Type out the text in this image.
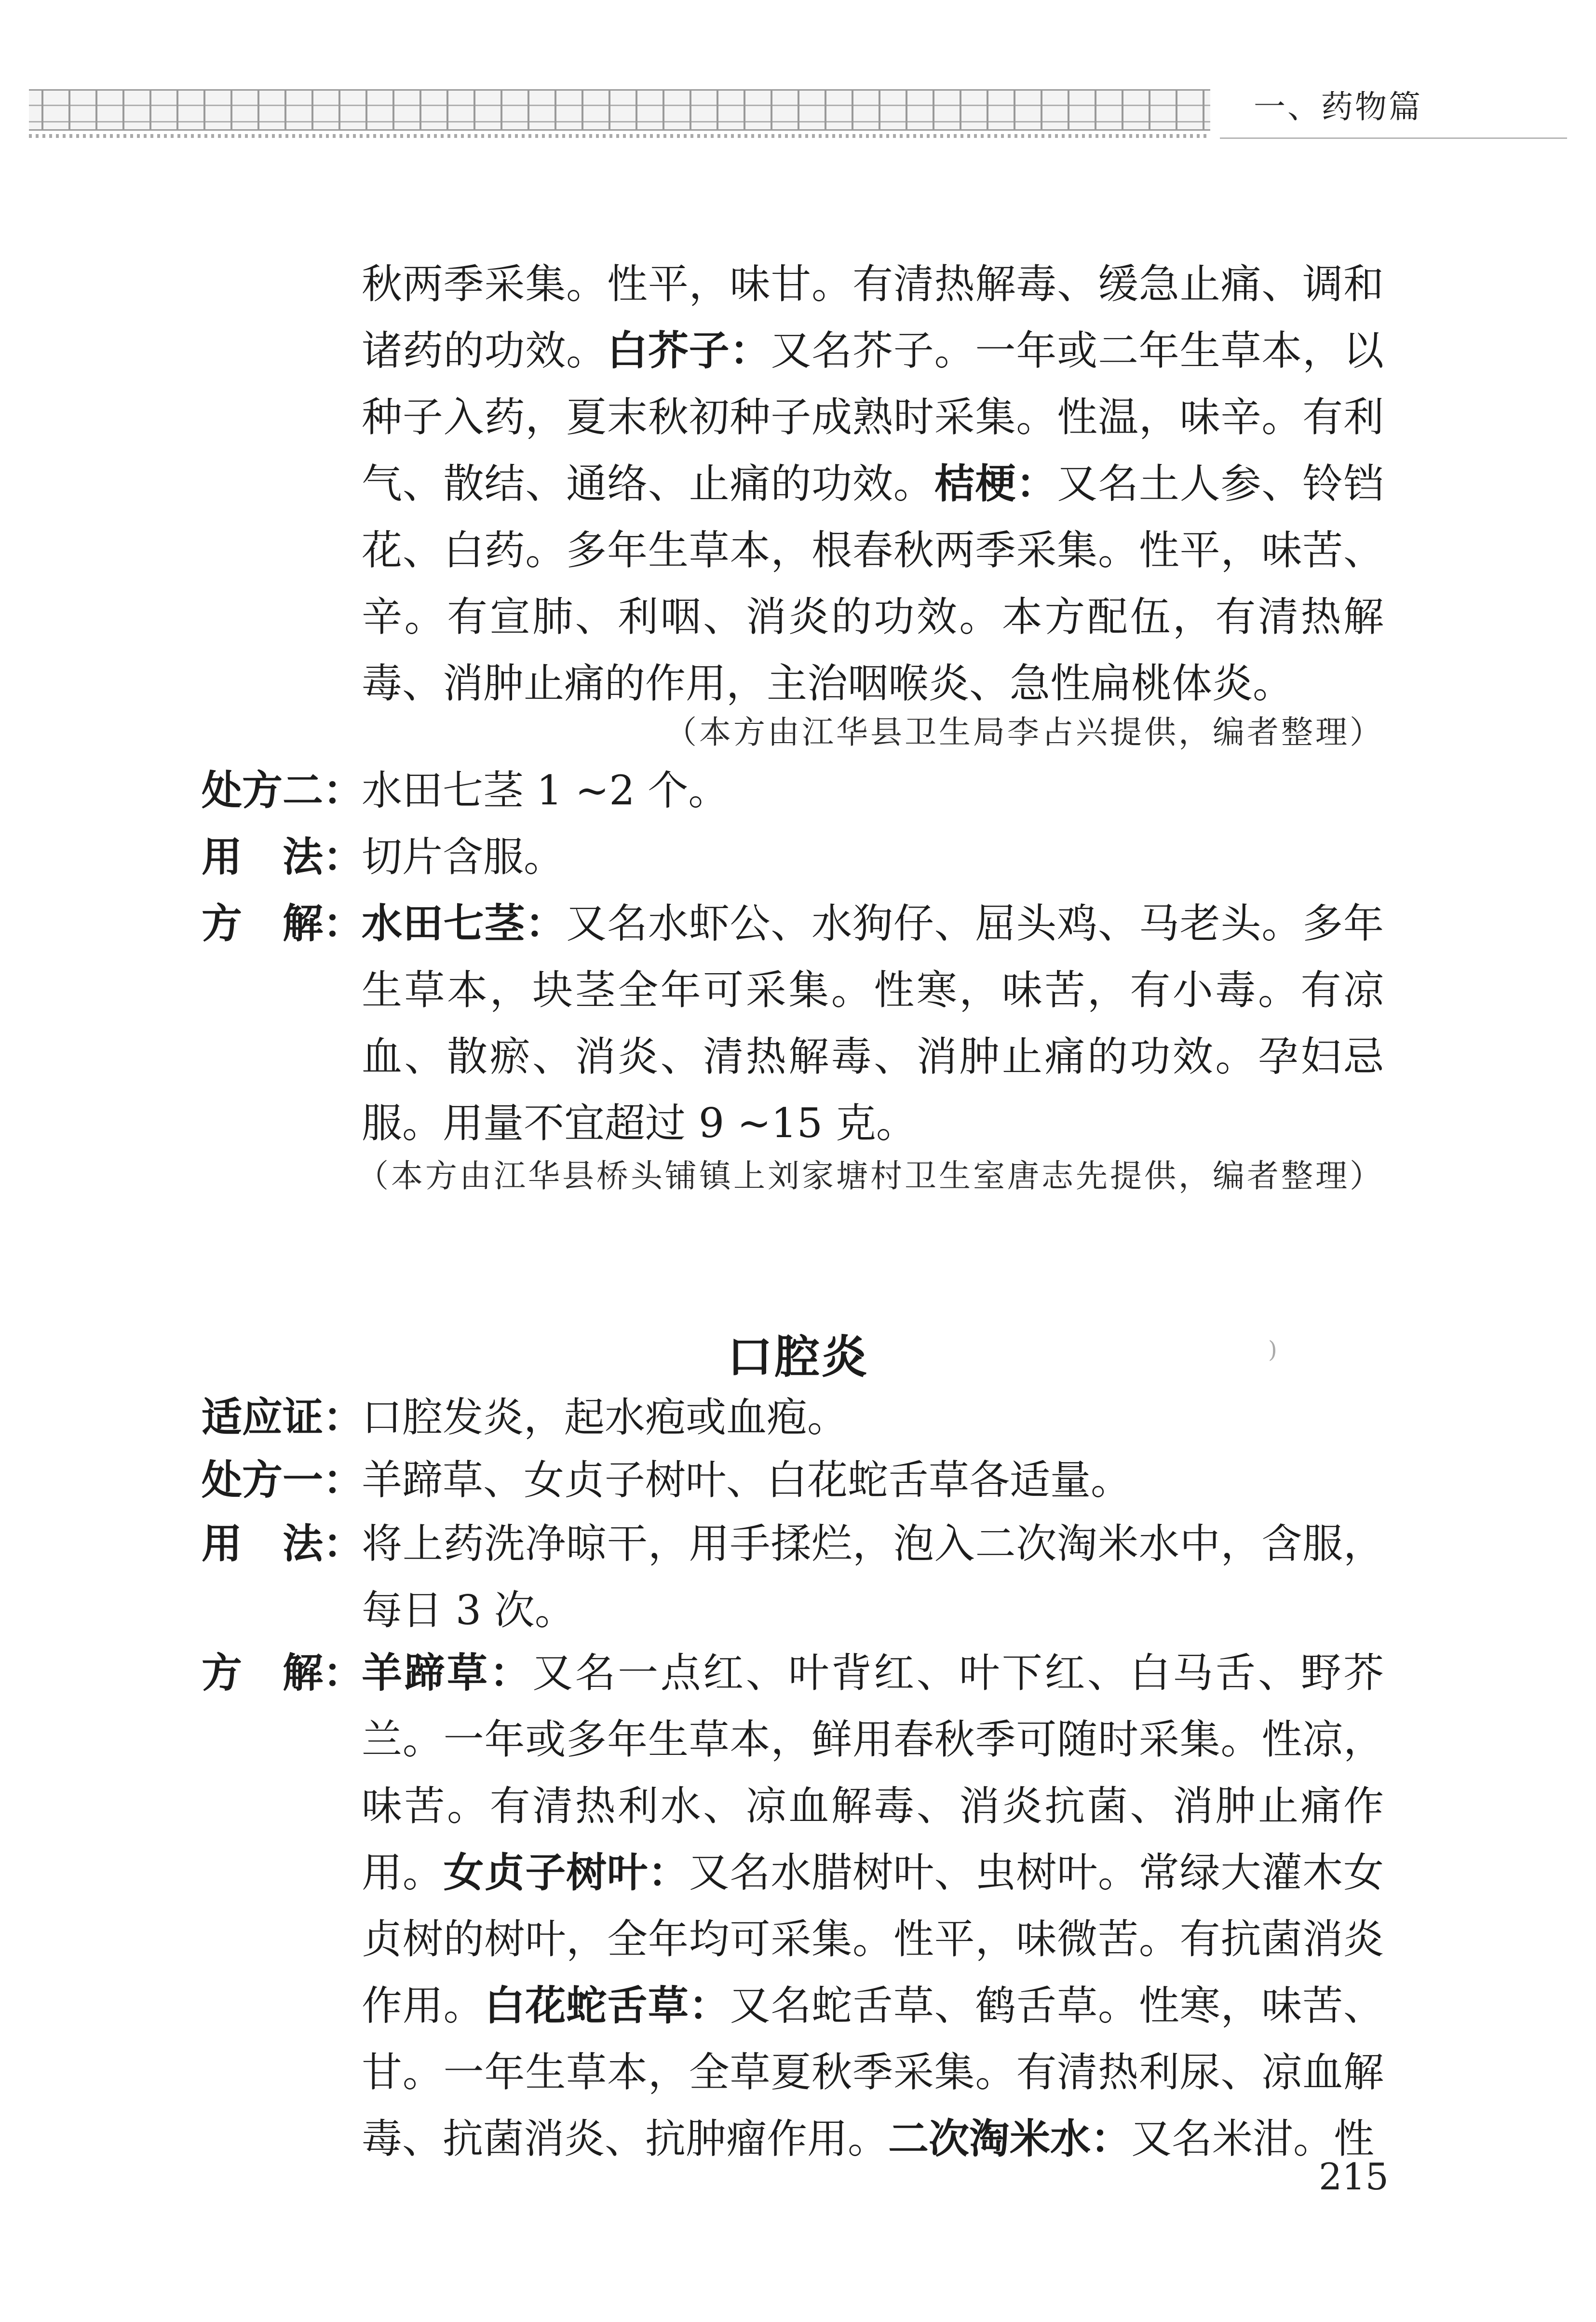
一、药物篇
秋两季采集。性平，味甘。有清热解毒、缓急止痛、调和诸药的功效。白芥子：又名芥子。一年或二年生草本，以种子入药，夏末秋初种子成熟时采集。性温，味辛。有利气、散结、通络、止痛的功效。桔梗：又名土人参、铃铛花、白药。多年生草本，根春秋两季采集。性平，味苦、辛。有宣肺、利咽、消炎的功效。本方配伍，有清热解毒、消肿止痛的作用，主治咽喉炎、急性扁桃体炎。
（本方由江华县卫生局李占兴提供，编者整理）
处方二：
水田七茎 1 ~2 个。
用　法：
切片含服。
方　解：
水田七茎：又名水虾公、水狗仔、屈头鸡、马老头。多年生草本，块茎全年可采集。性寒，味苦，有小毒。有凉血、散瘀、消炎、清热解毒、消肿止痛的功效。孕妇忌服。用量不宜超过 9 ~15 克。
（本方由江华县桥头铺镇上刘家塘村卫生室唐志先提供，编者整理）
)
口腔炎
适应证：
口腔发炎，起水疱或血疱。
处方一：
羊蹄草、女贞子树叶、白花蛇舌草各适量。
用　法：
将上药洗净晾干，用手揉烂，泡入二次淘米水中，含服，每日 3 次。
方　解：
羊蹄草：又名一点红、叶背红、叶下红、白马舌、野芥兰。一年或多年生草本，鲜用春秋季可随时采集。性凉，味苦。有清热利水、凉血解毒、消炎抗菌、消肿止痛作用。女贞子树叶：又名水腊树叶、虫树叶。常绿大灌木女贞树的树叶，全年均可采集。性平，味微苦。有抗菌消炎作用。白花蛇舌草：又名蛇舌草、鹤舌草。性寒，味苦、甘。一年生草本，全草夏秋季采集。有清热利尿、凉血解毒、抗菌消炎、抗肿瘤作用。二次淘米水：又名米泔。性
215
